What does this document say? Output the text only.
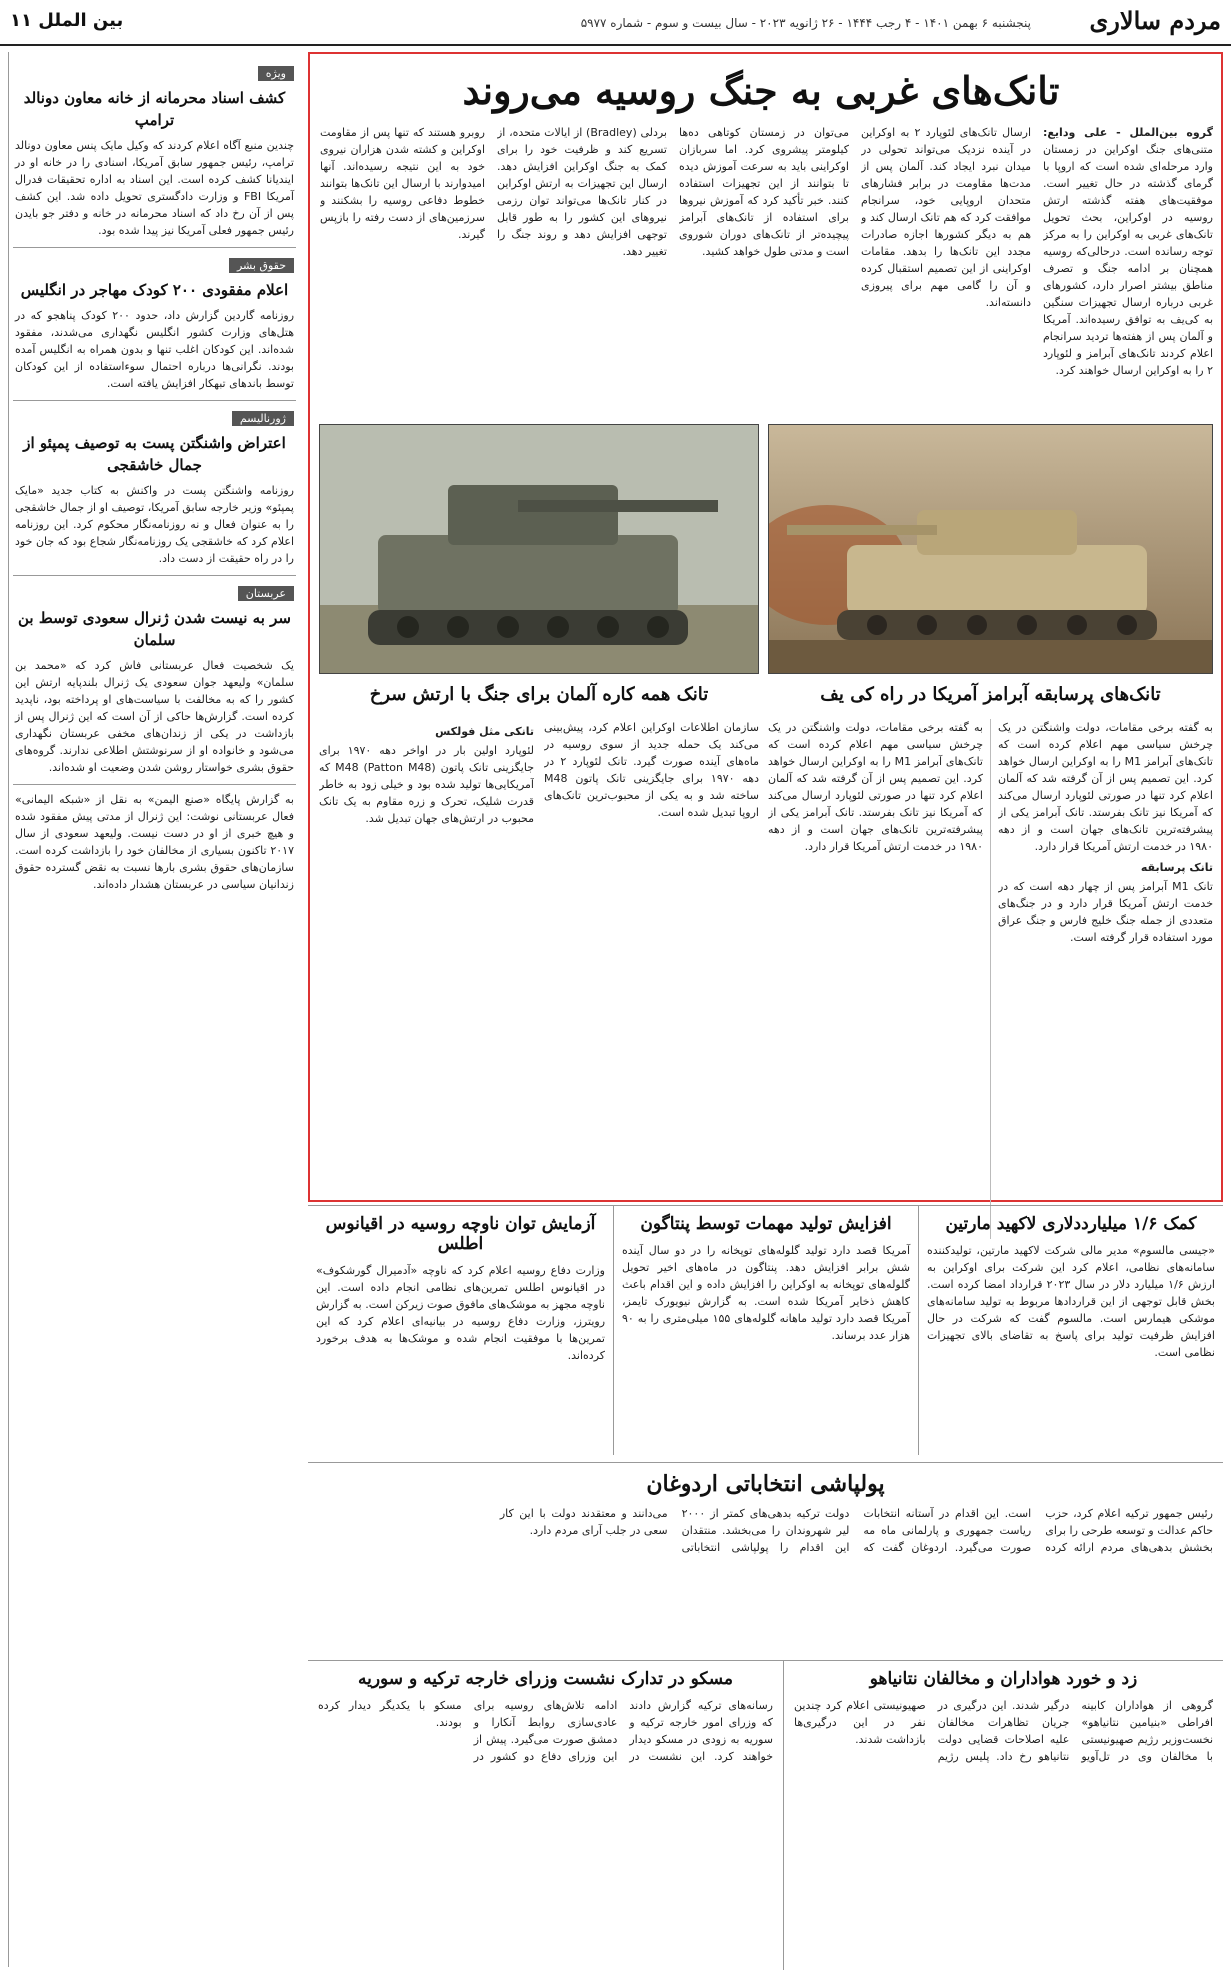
مردم سالاری
پنجشنبه ۶ بهمن ۱۴۰۱ - ۴ رجب ۱۴۴۴ - ۲۶ ژانویه ۲۰۲۳ - سال بیست و سوم - شماره ۵۹۷۷
بین الملل ۱۱
ویژه
کشف اسناد محرمانه از خانه معاون دونالد ترامپ
چندین منبع آگاه اعلام کردند که وکیل مایک پنس معاون دونالد ترامپ، رئیس جمهور سابق آمریکا، اسنادی را در خانه او در ایندیانا کشف کرده است. این اسناد به اداره تحقیقات فدرال آمریکا FBI و وزارت دادگستری تحویل داده شد. این کشف پس از آن رخ داد که اسناد محرمانه در خانه و دفتر جو بایدن رئیس جمهور فعلی آمریکا نیز پیدا شده بود.
حقوق بشر
اعلام مفقودی ۲۰۰ کودک مهاجر در انگلیس
روزنامه گاردین گزارش داد، حدود ۲۰۰ کودک پناهجو که در هتل‌های وزارت کشور انگلیس نگهداری می‌شدند، مفقود شده‌اند. این کودکان اغلب تنها و بدون همراه به انگلیس آمده بودند. نگرانی‌ها درباره احتمال سوءاستفاده از این کودکان توسط باندهای تبهکار افزایش یافته است.
ژورنالیسم
اعتراض واشنگتن پست به توصیف پمپئو از جمال خاشقجی
روزنامه واشنگتن پست در واکنش به کتاب جدید «مایک پمپئو» وزیر خارجه سابق آمریکا، توصیف او از جمال خاشقجی را به عنوان فعال و نه روزنامه‌نگار محکوم کرد. این روزنامه اعلام کرد که خاشقجی یک روزنامه‌نگار شجاع بود که جان خود را در راه حقیقت از دست داد.
عربستان
سر به نیست شدن ژنرال سعودی توسط بن سلمان
یک شخصیت فعال عربستانی فاش کرد که «محمد بن سلمان» ولیعهد جوان سعودی یک ژنرال بلندپایه ارتش این کشور را که به مخالفت با سیاست‌های او پرداخته بود، ناپدید کرده است. گزارش‌ها حاکی از آن است که این ژنرال پس از بازداشت در یکی از زندان‌های مخفی عربستان نگهداری می‌شود و خانواده او از سرنوشتش اطلاعی ندارند. گروه‌های حقوق بشری خواستار روشن شدن وضعیت او شده‌اند.
به گزارش پایگاه «صنع الیمن» به نقل از «شبکه الیمانی» فعال عربستانی نوشت: این ژنرال از مدتی پیش مفقود شده و هیچ خبری از او در دست نیست. ولیعهد سعودی از سال ۲۰۱۷ تاکنون بسیاری از مخالفان خود را بازداشت کرده است. سازمان‌های حقوق بشری بارها نسبت به نقض گسترده حقوق زندانیان سیاسی در عربستان هشدار داده‌اند.
تانک‌های غربی به جنگ روسیه می‌روند
گروه بین‌الملل - علی ودایع: متنی‌های جنگ اوکراین در زمستان وارد مرحله‌ای شده است که اروپا با گرمای گذشته در حال تغییر است. موفقیت‌های هفته گذشته ارتش روسیه در اوکراین، بحث تحویل تانک‌های غربی به اوکراین را به مرکز توجه رسانده است. درحالی‌که روسیه همچنان بر ادامه جنگ و تصرف مناطق بیشتر اصرار دارد، کشورهای غربی درباره ارسال تجهیزات سنگین به کی‌یف به توافق رسیده‌اند. آمریکا و آلمان پس از هفته‌ها تردید سرانجام اعلام کردند تانک‌های آبرامز و لئوپارد ۲ را به اوکراین ارسال خواهند کرد.
ارسال تانک‌های لئوپارد ۲ به اوکراین در آینده نزدیک می‌تواند تحولی در میدان نبرد ایجاد کند. آلمان پس از مدت‌ها مقاومت در برابر فشارهای متحدان اروپایی خود، سرانجام موافقت کرد که هم تانک ارسال کند و هم به دیگر کشورها اجازه صادرات مجدد این تانک‌ها را بدهد. مقامات اوکراینی از این تصمیم استقبال کرده و آن را گامی مهم برای پیروزی دانسته‌اند.
می‌توان در زمستان کوتاهی ده‌ها کیلومتر پیشروی کرد. اما سربازان اوکراینی باید به سرعت آموزش دیده تا بتوانند از این تجهیزات استفاده کنند. خبر تأکید کرد که آموزش نیروها برای استفاده از تانک‌های آبرامز پیچیده‌تر از تانک‌های دوران شوروی است و مدتی طول خواهد کشید.
بردلی (Bradley) از ایالات متحده، از تسریع کند و ظرفیت خود را برای کمک به جنگ اوکراین افزایش دهد. ارسال این تجهیزات به ارتش اوکراین در کنار تانک‌ها می‌تواند توان رزمی نیروهای این کشور را به طور قابل توجهی افزایش دهد و روند جنگ را تغییر دهد.
روبرو هستند که تنها پس از مقاومت اوکراین و کشته شدن هزاران نیروی خود به این نتیجه رسیده‌اند. آنها امیدوارند با ارسال این تانک‌ها بتوانند خطوط دفاعی روسیه را بشکنند و سرزمین‌های از دست رفته را بازپس گیرند.
تانک‌های پرسابقه آبرامز آمریکا در راه کی یف
تانک همه کاره آلمان برای جنگ با ارتش سرخ
به گفته برخی مقامات، دولت واشنگتن در یک چرخش سیاسی مهم اعلام کرده است که تانک‌های آبرامز M1 را به اوکراین ارسال خواهد کرد. این تصمیم پس از آن گرفته شد که آلمان اعلام کرد تنها در صورتی لئوپارد ارسال می‌کند که آمریکا نیز تانک بفرستد. تانک آبرامز یکی از پیشرفته‌ترین تانک‌های جهان است و از دهه ۱۹۸۰ در خدمت ارتش آمریکا قرار دارد.
تانک پرسابقه
تانک M1 آبرامز پس از چهار دهه است که در خدمت ارتش آمریکا قرار دارد و در جنگ‌های متعددی از جمله جنگ خلیج فارس و جنگ عراق مورد استفاده قرار گرفته است.
به گفته برخی مقامات، دولت واشنگتن در یک چرخش سیاسی مهم اعلام کرده است که تانک‌های آبرامز M1 را به اوکراین ارسال خواهد کرد. این تصمیم پس از آن گرفته شد که آلمان اعلام کرد تنها در صورتی لئوپارد ارسال می‌کند که آمریکا نیز تانک بفرستد. تانک آبرامز یکی از پیشرفته‌ترین تانک‌های جهان است و از دهه ۱۹۸۰ در خدمت ارتش آمریکا قرار دارد.
سازمان اطلاعات اوکراین اعلام کرد، پیش‌بینی می‌کند یک حمله جدید از سوی روسیه در ماه‌های آینده صورت گیرد. تانک لئوپارد ۲ در دهه ۱۹۷۰ برای جایگزینی تانک پاتون M48 ساخته شد و به یکی از محبوب‌ترین تانک‌های اروپا تبدیل شده است.
تانکی مثل فولکس
لئوپارد اولین بار در اواخر دهه ۱۹۷۰ برای جایگزینی تانک پاتون M48 (Patton M48) که آمریکایی‌ها تولید شده بود و خیلی زود به خاطر قدرت شلیک، تحرک و زره مقاوم به یک تانک محبوب در ارتش‌های جهان تبدیل شد.
کمک ۱/۶ میلیارددلاری لاکهید مارتین
«جیسی مالسوم» مدیر مالی شرکت لاکهید مارتین، تولیدکننده سامانه‌های نظامی، اعلام کرد این شرکت برای اوکراین به ارزش ۱/۶ میلیارد دلار در سال ۲۰۲۳ قرارداد امضا کرده است. بخش قابل توجهی از این قراردادها مربوط به تولید سامانه‌های موشکی هیمارس است. مالسوم گفت که شرکت در حال افزایش ظرفیت تولید برای پاسخ به تقاضای بالای تجهیزات نظامی است.
افزایش تولید مهمات توسط پنتاگون
آمریکا قصد دارد تولید گلوله‌های توپخانه را در دو سال آینده شش برابر افزایش دهد. پنتاگون در ماه‌های اخیر تحویل گلوله‌های توپخانه به اوکراین را افزایش داده و این اقدام باعث کاهش ذخایر آمریکا شده است. به گزارش نیویورک تایمز، آمریکا قصد دارد تولید ماهانه گلوله‌های ۱۵۵ میلی‌متری را به ۹۰ هزار عدد برساند.
آزمایش توان ناوچه روسیه در اقیانوس اطلس
وزارت دفاع روسیه اعلام کرد که ناوچه «آدمیرال گورشکوف» در اقیانوس اطلس تمرین‌های نظامی انجام داده است. این ناوچه مجهز به موشک‌های مافوق صوت زیرکن است. به گزارش رویترز، وزارت دفاع روسیه در بیانیه‌ای اعلام کرد که این تمرین‌ها با موفقیت انجام شده و موشک‌ها به هدف برخورد کرده‌اند.
پولپاشی انتخاباتی اردوغان
رئیس جمهور ترکیه اعلام کرد، حزب حاکم عدالت و توسعه طرحی را برای بخشش بدهی‌های مردم ارائه کرده است. این اقدام در آستانه انتخابات ریاست جمهوری و پارلمانی ماه مه صورت می‌گیرد. اردوغان گفت که دولت ترکیه بدهی‌های کمتر از ۲۰۰۰ لیر شهروندان را می‌بخشد. منتقدان این اقدام را پولپاشی انتخاباتی می‌دانند و معتقدند دولت با این کار سعی در جلب آرای مردم دارد.
زد و خورد هواداران و مخالفان نتانیاهو
گروهی از هواداران کابینه افراطی «بنیامین نتانیاهو» نخست‌وزیر رژیم صهیونیستی با مخالفان وی در تل‌آویو درگیر شدند. این درگیری در جریان تظاهرات مخالفان علیه اصلاحات قضایی دولت نتانیاهو رخ داد. پلیس رژیم صهیونیستی اعلام کرد چندین نفر در این درگیری‌ها بازداشت شدند.
مسکو در تدارک نشست وزرای خارجه ترکیه و سوریه
رسانه‌های ترکیه گزارش دادند که وزرای امور خارجه ترکیه و سوریه به زودی در مسکو دیدار خواهند کرد. این نشست در ادامه تلاش‌های روسیه برای عادی‌سازی روابط آنکارا و دمشق صورت می‌گیرد. پیش از این وزرای دفاع دو کشور در مسکو با یکدیگر دیدار کرده بودند.
